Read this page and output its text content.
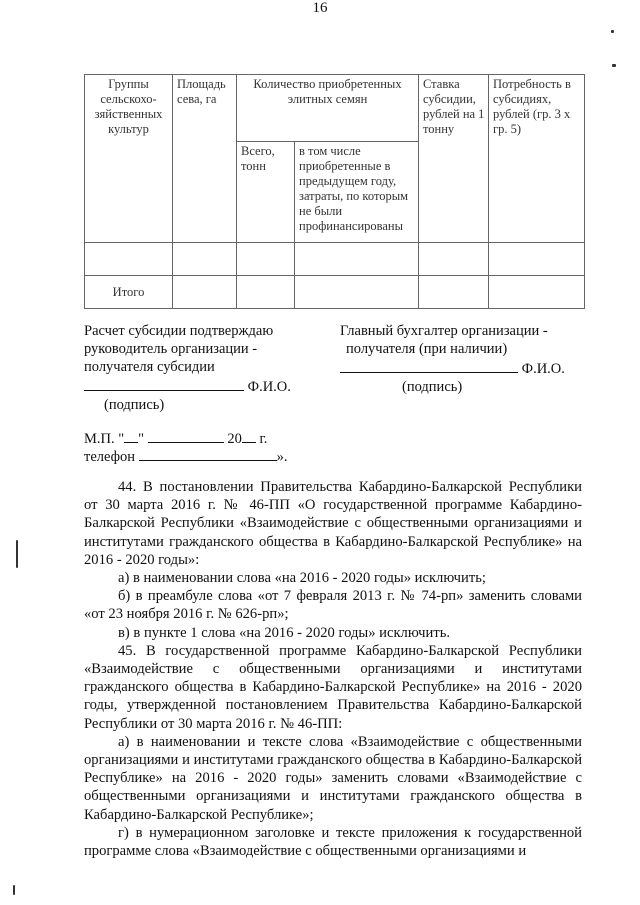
16
Группы сельскохо-зяйственных культур	Площадь сева, га	Количество приобретенных элитных семян		Ставка субсидии, рублей на 1 тонну	Потребность в субсидиях, рублей (гр. 3 х гр. 5)
		Всего, тонн	в том числе приобретенные в предыдущем году, затраты, по которым не были профинансированы		

Итого					
Расчет субсидии подтверждаю
руководитель организации -
получателя субсидии
Ф.И.О.
(подпись)
Главный бухгалтер организации -
получателя (при наличии)
Ф.И.О.
(подпись)
М.П. " "	20 г.
телефон	».

44. В постановлении Правительства Кабардино-Балкарской Республики от 30 марта 2016 г. № 46-ПП «О государственной программе Кабардино-Балкарской Республики «Взаимодействие с общественными организациями и институтами гражданского общества в Кабардино-Балкарской Республике» на 2016 - 2020 годы»:

а) в наименовании слова «на 2016 - 2020 годы» исключить;

б) в преамбуле слова «от 7 февраля 2013 г. № 74-рп» заменить словами «от 23 ноября 2016 г. № 626-рп»;

в) в пункте 1 слова «на 2016 - 2020 годы» исключить.

45. В государственной программе Кабардино-Балкарской Республики «Взаимодействие с общественными организациями и институтами гражданского общества в Кабардино-Балкарской Республике» на 2016 - 2020 годы, утвержденной постановлением Правительства Кабардино-Балкарской Республики от 30 марта 2016 г. № 46-ПП:

а) в наименовании и тексте слова «Взаимодействие с общественными организациями и институтами гражданского общества в Кабардино-Балкарской Республике» на 2016 - 2020 годы» заменить словами «Взаимодействие с общественными организациями и институтами гражданского общества в Кабардино-Балкарской Республике»;

г) в нумерационном заголовке и тексте приложения к государственной программе слова «Взаимодействие с общественными организациями и
